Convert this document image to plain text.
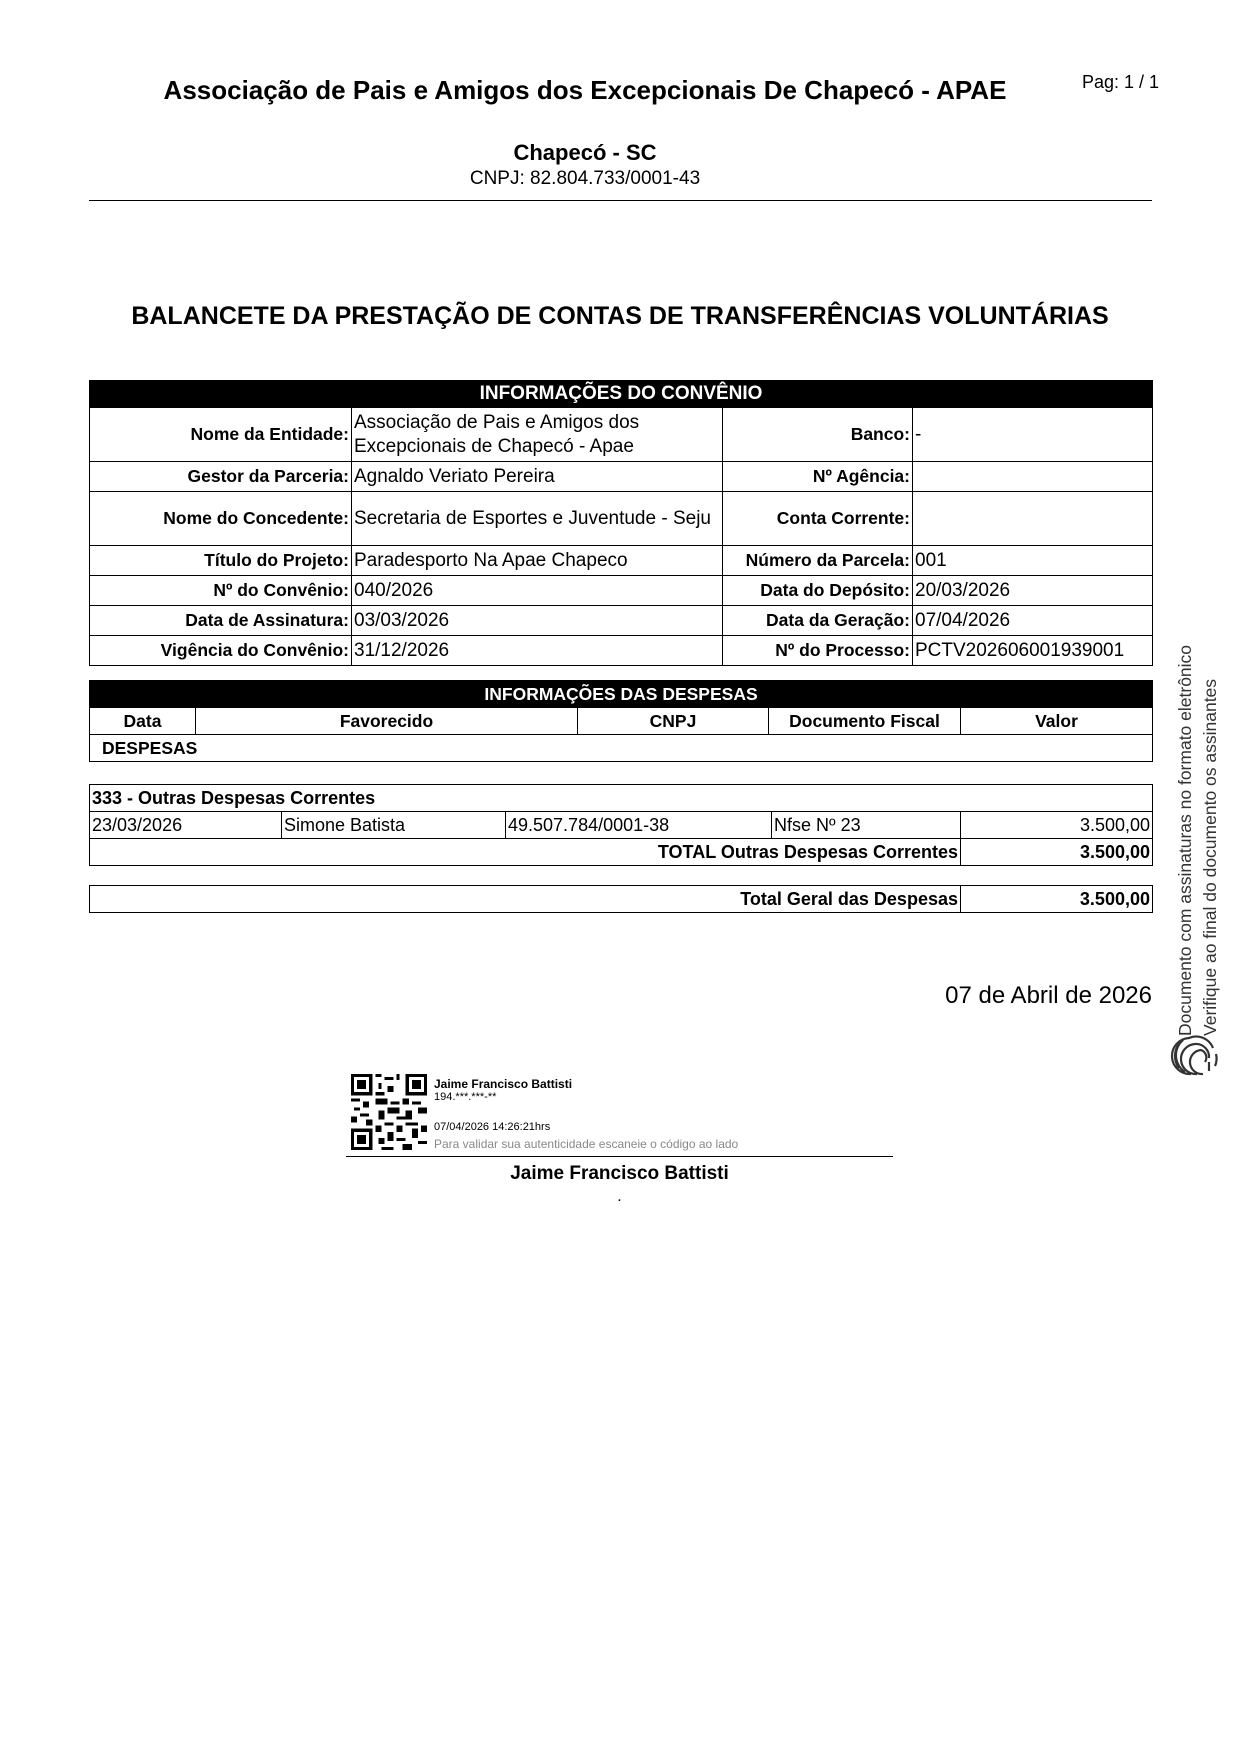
Associação de Pais e Amigos dos Excepcionais De Chapecó - APAE
Chapecó - SC
CNPJ: 82.804.733/0001-43
Pag: 1 / 1
BALANCETE DA PRESTAÇÃO DE CONTAS DE TRANSFERÊNCIAS VOLUNTÁRIAS
INFORMAÇÕES DO CONVÊNIO			
Nome da Entidade:	Associação de Pais e Amigos dos Excepcionais de Chapecó - Apae	Banco:	-
Gestor da Parceria:	Agnaldo Veriato Pereira	Nº Agência:	
Nome do Concedente:	Secretaria de Esportes e Juventude - Seju	Conta Corrente:	
Título do Projeto:	Paradesporto Na Apae Chapeco	Número da Parcela:	001
Nº do Convênio:	040/2026	Data do Depósito:	20/03/2026
Data de Assinatura:	03/03/2026	Data da Geração:	07/04/2026
Vigência do Convênio:	31/12/2026	Nº do Processo:	PCTV202606001939001
INFORMAÇÕES DAS DESPESAS
Data	Favorecido	CNPJ	Documento Fiscal	Valor
DESPESAS
333 - Outras Despesas Correntes				
23/03/2026	Simone Batista	49.507.784/0001-38	Nfse Nº 23	3.500,00
TOTAL Outras Despesas Correntes				3.500,00
Total Geral das Despesas	3.500,00
07 de Abril de 2026
Jaime Francisco Battisti
194.***.***-**
07/04/2026 14:26:21hrs
Para validar sua autenticidade escaneie o código ao lado
Jaime Francisco Battisti
.
Documento com assinaturas no formato eletrônico Verifique ao final do documento os assinantes
